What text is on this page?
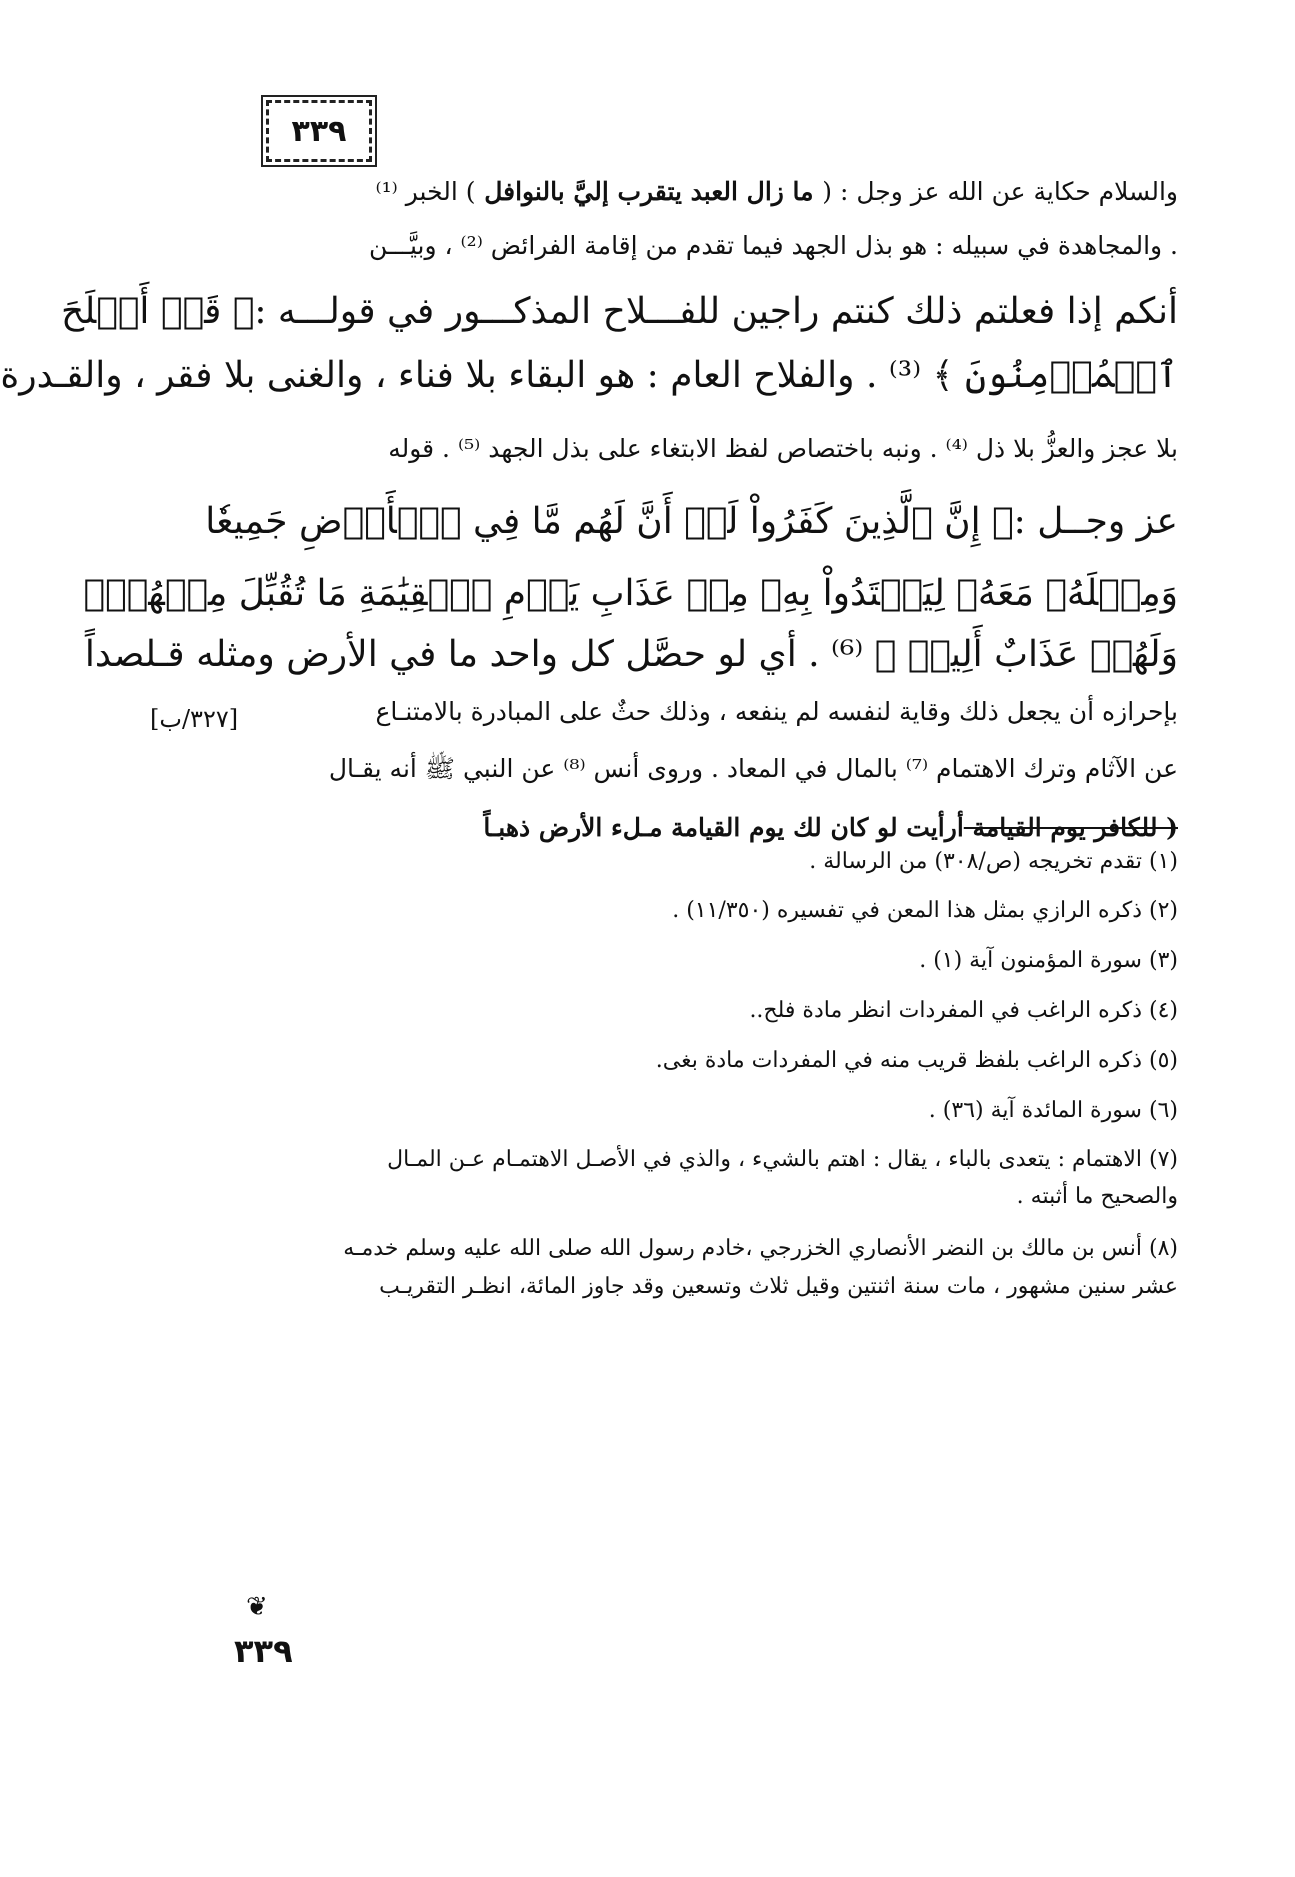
٣٣٩
والسلام حكاية عن الله عز وجل : ( ما زال العبد يتقرب إليَّ بالنوافل ) الخبر ⁽¹⁾
. والمجاهدة في سبيله : هو بذل الجهد فيما تقدم من إقامة الفرائض ⁽²⁾ ، وبيَّـــن
أنكم إذا فعلتم ذلك كنتم راجين للفـــلاح المذكـــور في قولـــه :﴿ قَدۡ أَفۡلَحَ
ٱلۡمُؤۡمِنُونَ ﴾ ⁽³⁾ . والفلاح العام : هو البقاء بلا فناء ، والغنى بلا فقر ، والقـدرة
بلا عجز والعزُّ بلا ذل ⁽⁴⁾ . ونبه باختصاص لفظ الابتغاء على بذل الجهد ⁽⁵⁾ . قوله
عز وجــل :﴿ إِنَّ ٱلَّذِينَ كَفَرُواْ لَوۡ أَنَّ لَهُم مَّا فِي ٱلۡأَرۡضِ جَمِيعٗا
وَمِثۡلَهُۥ مَعَهُۥ لِيَفۡتَدُواْ بِهِۦ مِنۡ عَذَابِ يَوۡمِ ٱلۡقِيَٰمَةِ مَا تُقُبِّلَ مِنۡهُمۡۖ
[٣٢٧/ب]
وَلَهُمۡ عَذَابٌ أَلِيمٞ ﴾ ⁽⁶⁾ . أي لو حصَّل كل واحد ما في الأرض ومثله قـلصداً
بإحرازه أن يجعل ذلك وقاية لنفسه لم ينفعه ، وذلك حثٌ على المبادرة بالامتنـاع
عن الآثام وترك الاهتمام ⁽⁷⁾ بالمال في المعاد . وروى أنس ⁽⁸⁾ عن النبي ﷺ أنه يقـال
( للكافر يوم القيامة أرأيت لو كان لك يوم القيامة مـلء الأرض ذهبـاً
(١) تقدم تخريجه (ص/٣٠٨) من الرسالة .
(٢) ذكره الرازي بمثل هذا المعن في تفسيره (١١/٣٥٠) .
(٣) سورة المؤمنون آية (١) .
(٤) ذكره الراغب في المفردات انظر مادة فلح..
(٥) ذكره الراغب بلفظ قريب منه في المفردات مادة بغى.
(٦) سورة المائدة آية (٣٦) .
(٧) الاهتمام : يتعدى بالباء ، يقال : اهتم بالشيء ، والذي في الأصـل الاهتمـام عـن المـال
والصحيح ما أثبته .
(٨) أنس بن مالك بن النضر الأنصاري الخزرجي ،خادم رسول الله صلى الله عليه وسلم خدمـه
عشر سنين مشهور ، مات سنة اثنتين وقيل ثلاث وتسعين وقد جاوز المائة، انظـر التقريـب
❦
٣٣٩
